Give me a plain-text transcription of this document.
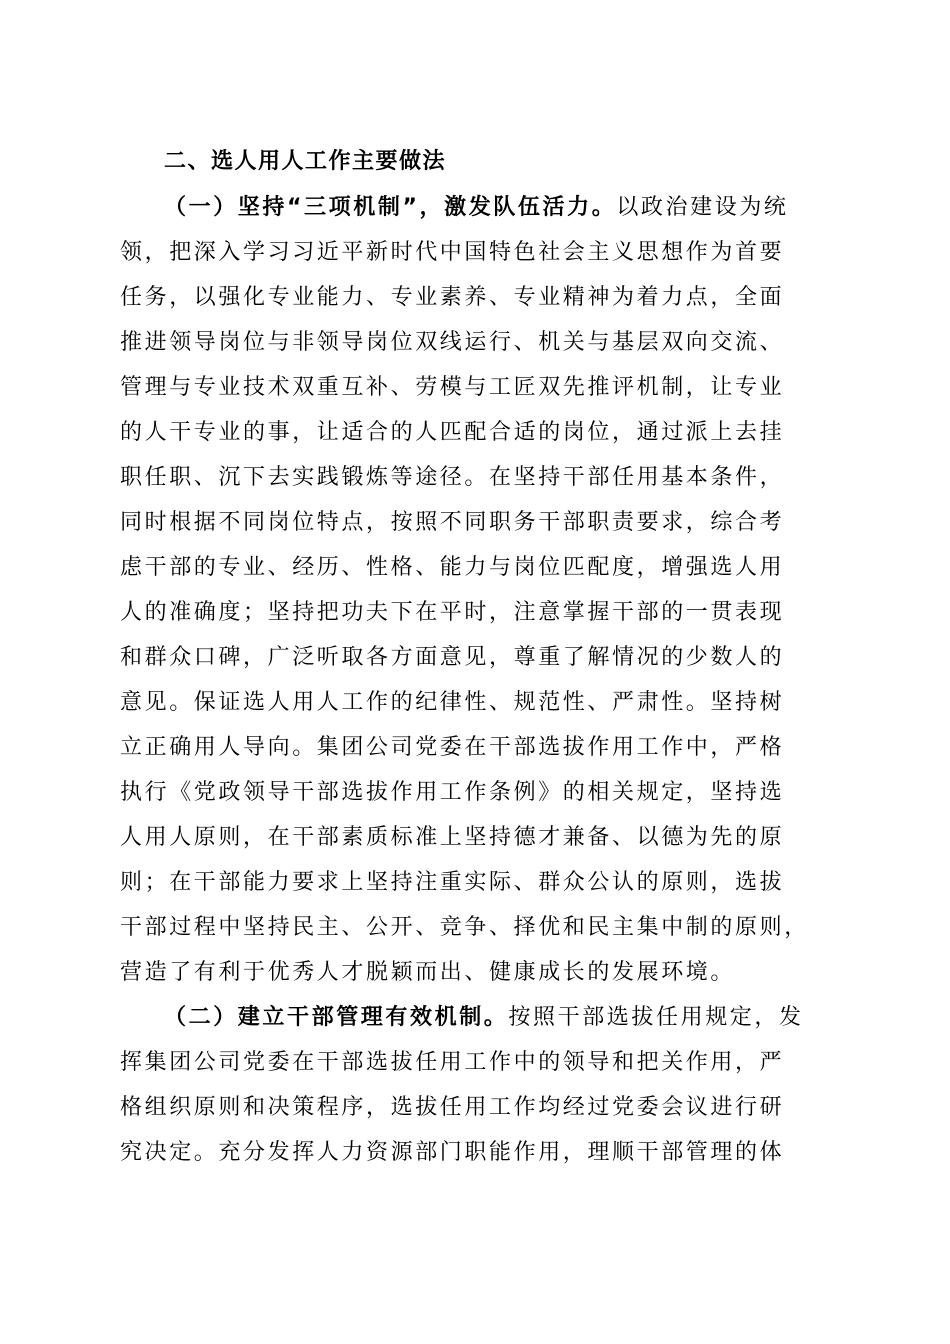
二、选人用人工作主要做法
（一）坚持“三项机制”，激发队伍活力。以政治建设为统
领，把深入学习习近平新时代中国特色社会主义思想作为首要
任务，以强化专业能力、专业素养、专业精神为着力点，全面
推进领导岗位与非领导岗位双线运行、机关与基层双向交流、
管理与专业技术双重互补、劳模与工匠双先推评机制，让专业
的人干专业的事，让适合的人匹配合适的岗位，通过派上去挂
职任职、沉下去实践锻炼等途径。在坚持干部任用基本条件，
同时根据不同岗位特点，按照不同职务干部职责要求，综合考
虑干部的专业、经历、性格、能力与岗位匹配度，增强选人用
人的准确度；坚持把功夫下在平时，注意掌握干部的一贯表现
和群众口碑，广泛听取各方面意见，尊重了解情况的少数人的
意见。保证选人用人工作的纪律性、规范性、严肃性。坚持树
立正确用人导向。集团公司党委在干部选拔作用工作中，严格
执行《党政领导干部选拔作用工作条例》的相关规定，坚持选
人用人原则，在干部素质标准上坚持德才兼备、以德为先的原
则；在干部能力要求上坚持注重实际、群众公认的原则，选拔
干部过程中坚持民主、公开、竞争、择优和民主集中制的原则，
营造了有利于优秀人才脱颖而出、健康成长的发展环境。
（二）建立干部管理有效机制。按照干部选拔任用规定，发
挥集团公司党委在干部选拔任用工作中的领导和把关作用，严
格组织原则和决策程序，选拔任用工作均经过党委会议进行研
究决定。充分发挥人力资源部门职能作用，理顺干部管理的体
